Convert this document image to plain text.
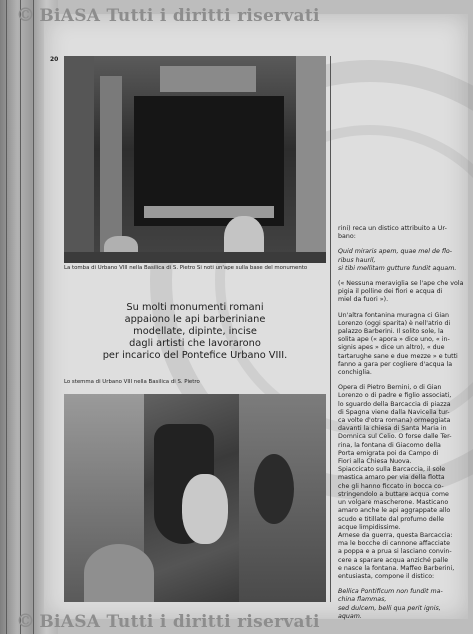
© BiASA Tutti i diritti riservati
20
La tomba di Urbano VIII nella Basilica di S. Pietro Si noti un'ape sulla base del monumento
Su molti monumenti romani
appaiono le api barberiniane
modellate, dipinte, incise
dagli artisti che lavorarono
per incarico del Pontefice Urbano VIII.
Lo stemma di Urbano VIII nella Basilica di S. Pietro

rini) reca un distico attribuito a Ur-
bano:

Quid miraris apem, quae mel de flo-
ribus hauril,
si tibi mellitam gutture fundit aquam.

(« Nessuna meraviglia se l'ape che vola
pigia il polline dei fiori e acqua di
miel da fuori »).

Un'altra fontanina muragna ci Gian
Lorenzo (oggi sparita) è nell'atrio di
palazzo Barberini. Il solito sole, la
solita ape (« apora » dice uno, « in-
signis apes » dice un altro), « due
tartarughe sane e due mezze » e tutti
fanno a gara per cogliere d'acqua la
conchiglia.

Opera di Pietro Bernini, o di Gian
Lorenzo o di padre e figlio associati,
lo sguardo della Barcaccia di piazza
di Spagna viene dalla Navicella tur-
ca volte d'otra romana) ormeggiata
davanti la chiesa di Santa Maria in
Domnica sul Celio. O forse dalle Ter-
rina, la fontana di Giacomo della
Porta emigrata poi da Campo di
Fiori alla Chiesa Nuova.
Spiaccicato sulla Barcaccia, il sole
mastica amaro per via della flotta
che gli hanno ficcato in bocca co-
stringendolo a buttare acqua come
un volgare mascherone. Masticano
amaro anche le api aggrappate allo
scudo e titillate dal profumo delle
acque limpidissime.
Arnese da guerra, questa Barcaccia:
ma le bocche di cannone affacciate
a poppa e a prua si lasciano convin-
cere a sparare acqua anziché palle
e nasce la fontana. Maffeo Barberini,
entusiasta, compone il distico:

Bellica Pontificum non fundit ma-
china flammas,
sed dulcem, belli qua perit ignis,
aquam.

© BiASA Tutti i diritti riservati
